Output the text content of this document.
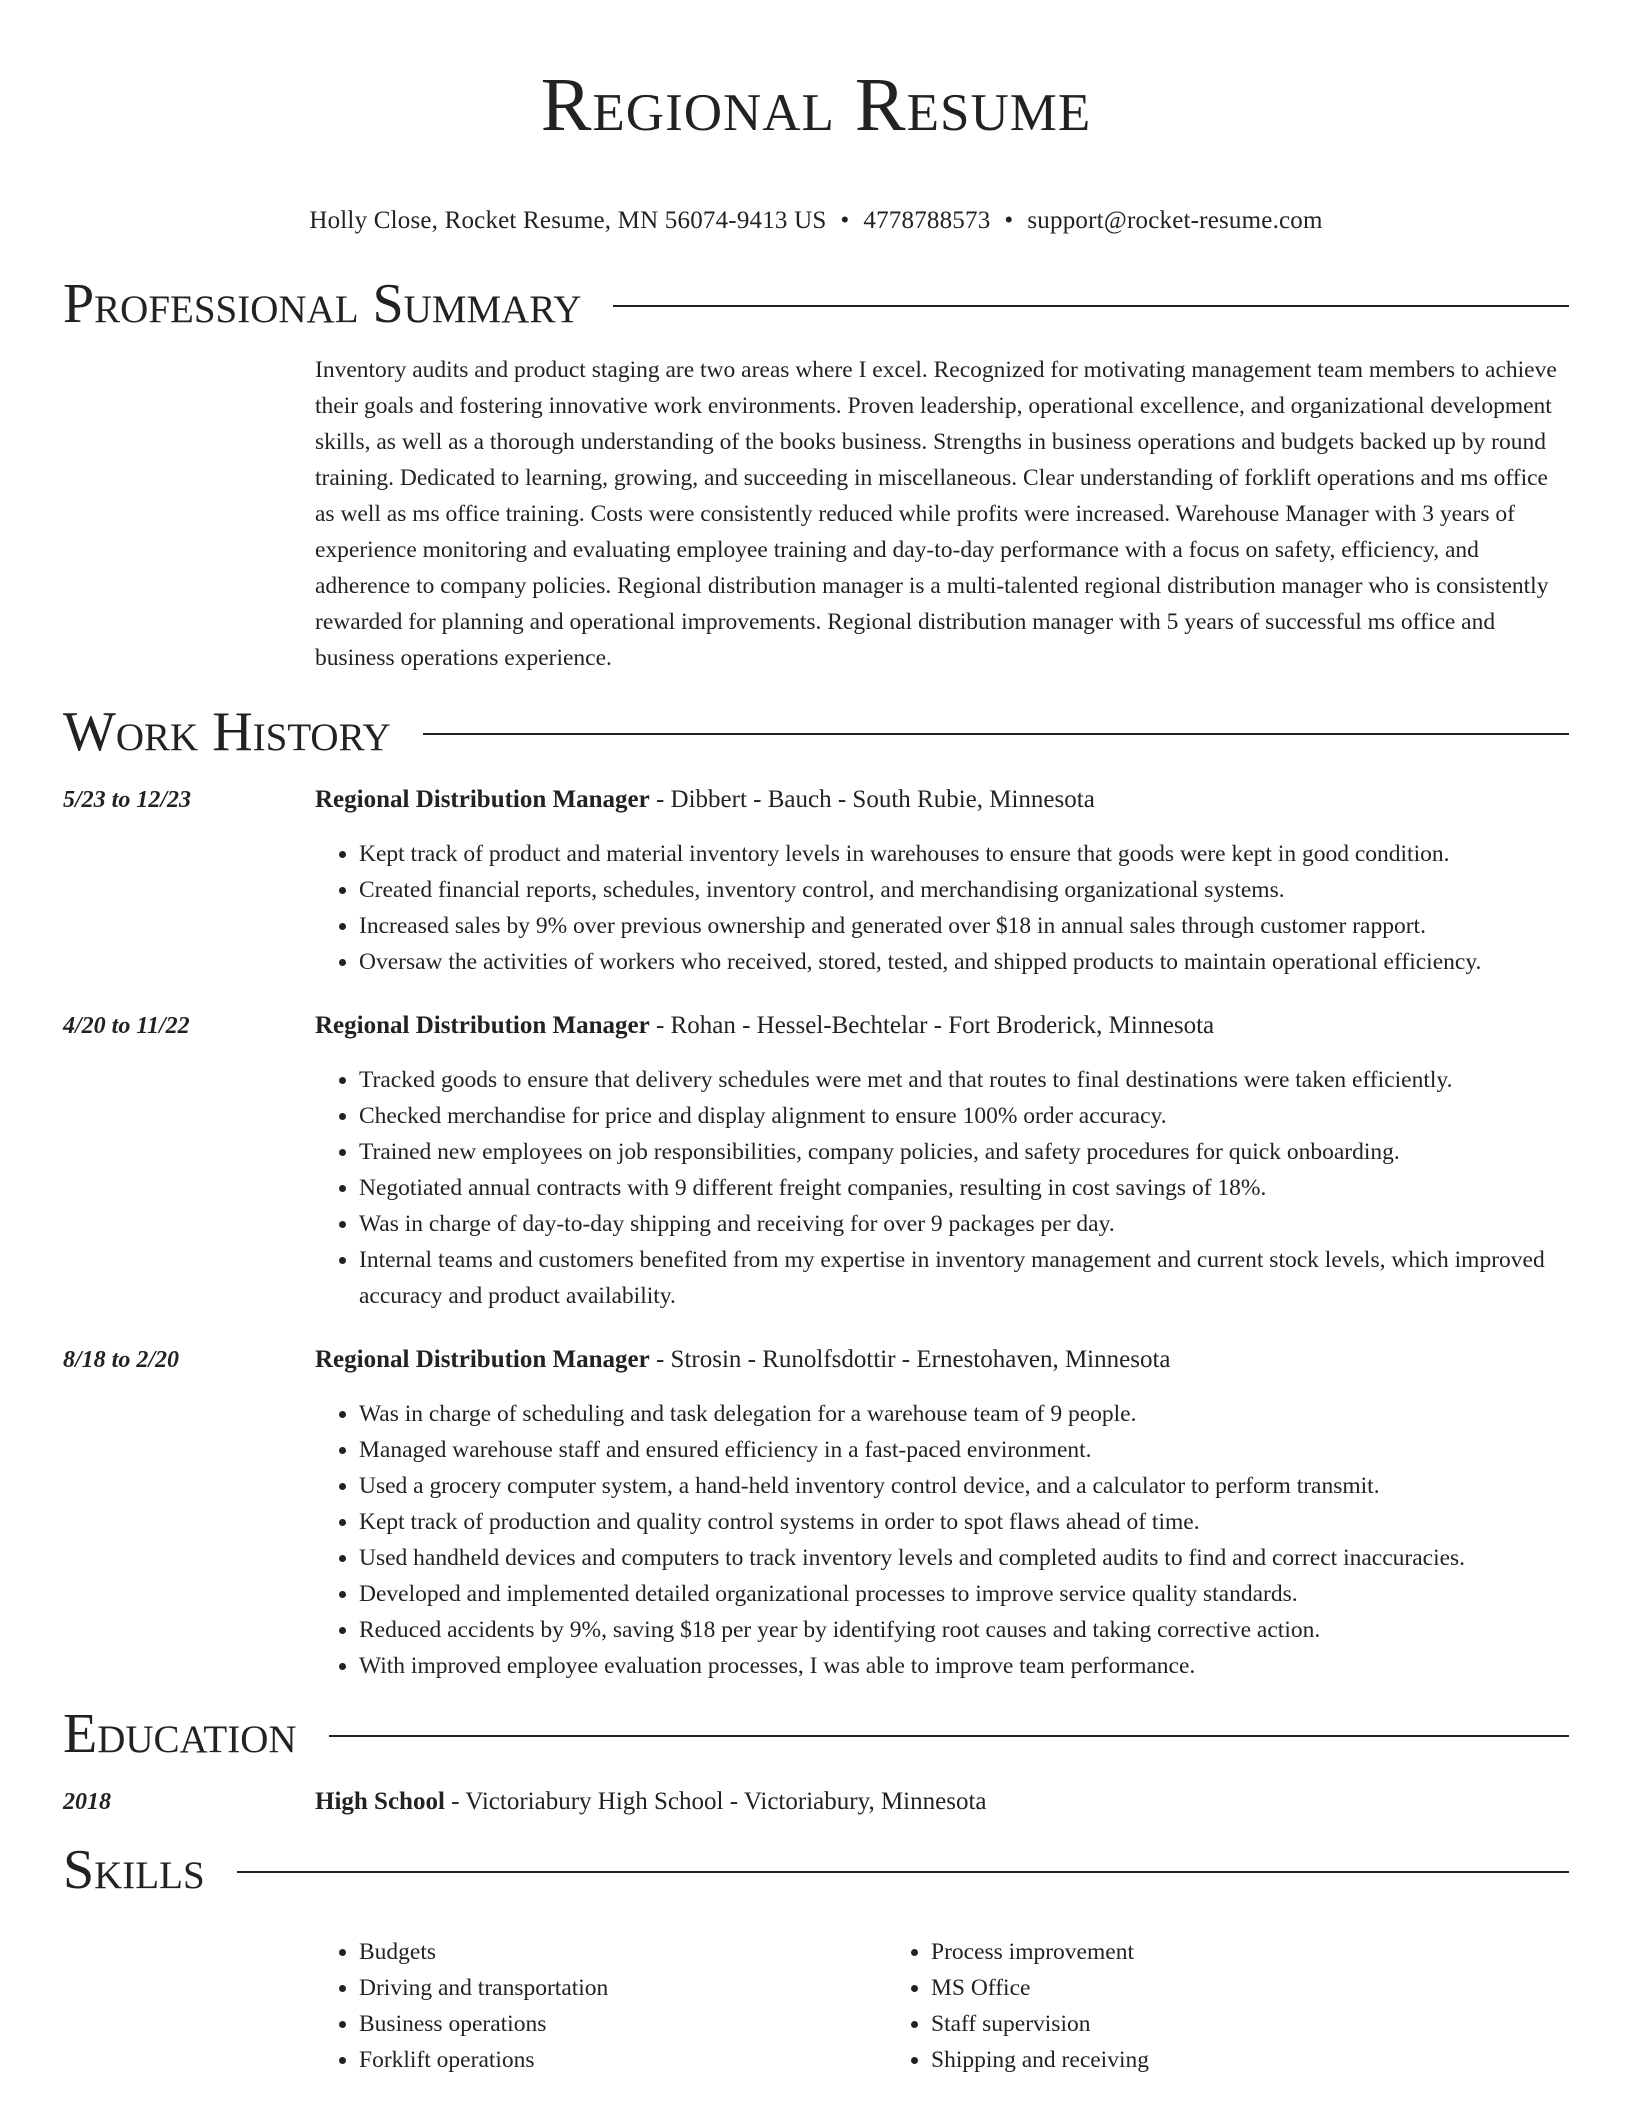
Regional Resume
Holly Close, Rocket Resume, MN 56074-9413 US • 4778788573 • support@rocket-resume.com
Professional Summary
Inventory audits and product staging are two areas where I excel. Recognized for motivating management team members to achieve their goals and fostering innovative work environments. Proven leadership, operational excellence, and organizational development skills, as well as a thorough understanding of the books business. Strengths in business operations and budgets backed up by round training. Dedicated to learning, growing, and succeeding in miscellaneous. Clear understanding of forklift operations and ms office as well as ms office training. Costs were consistently reduced while profits were increased. Warehouse Manager with 3 years of experience monitoring and evaluating employee training and day-to-day performance with a focus on safety, efficiency, and adherence to company policies. Regional distribution manager is a multi-talented regional distribution manager who is consistently rewarded for planning and operational improvements. Regional distribution manager with 5 years of successful ms office and business operations experience.
Work History
5/23 to 12/23	Regional Distribution Manager - Dibbert - Bauch - South Rubie, Minnesota
• Kept track of product and material inventory levels in warehouses to ensure that goods were kept in good condition.
• Created financial reports, schedules, inventory control, and merchandising organizational systems.
• Increased sales by 9% over previous ownership and generated over $18 in annual sales through customer rapport.
• Oversaw the activities of workers who received, stored, tested, and shipped products to maintain operational efficiency.
4/20 to 11/22	Regional Distribution Manager - Rohan - Hessel-Bechtelar - Fort Broderick, Minnesota
• Tracked goods to ensure that delivery schedules were met and that routes to final destinations were taken efficiently.
• Checked merchandise for price and display alignment to ensure 100% order accuracy.
• Trained new employees on job responsibilities, company policies, and safety procedures for quick onboarding.
• Negotiated annual contracts with 9 different freight companies, resulting in cost savings of 18%.
• Was in charge of day-to-day shipping and receiving for over 9 packages per day.
• Internal teams and customers benefited from my expertise in inventory management and current stock levels, which improved accuracy and product availability.
8/18 to 2/20	Regional Distribution Manager - Strosin - Runolfsdottir - Ernestohaven, Minnesota
• Was in charge of scheduling and task delegation for a warehouse team of 9 people.
• Managed warehouse staff and ensured efficiency in a fast-paced environment.
• Used a grocery computer system, a hand-held inventory control device, and a calculator to perform transmit.
• Kept track of production and quality control systems in order to spot flaws ahead of time.
• Used handheld devices and computers to track inventory levels and completed audits to find and correct inaccuracies.
• Developed and implemented detailed organizational processes to improve service quality standards.
• Reduced accidents by 9%, saving $18 per year by identifying root causes and taking corrective action.
• With improved employee evaluation processes, I was able to improve team performance.
Education
2018	High School - Victoriabury High School - Victoriabury, Minnesota
Skills
• Budgets
• Driving and transportation
• Business operations
• Forklift operations
• Process improvement
• MS Office
• Staff supervision
• Shipping and receiving
